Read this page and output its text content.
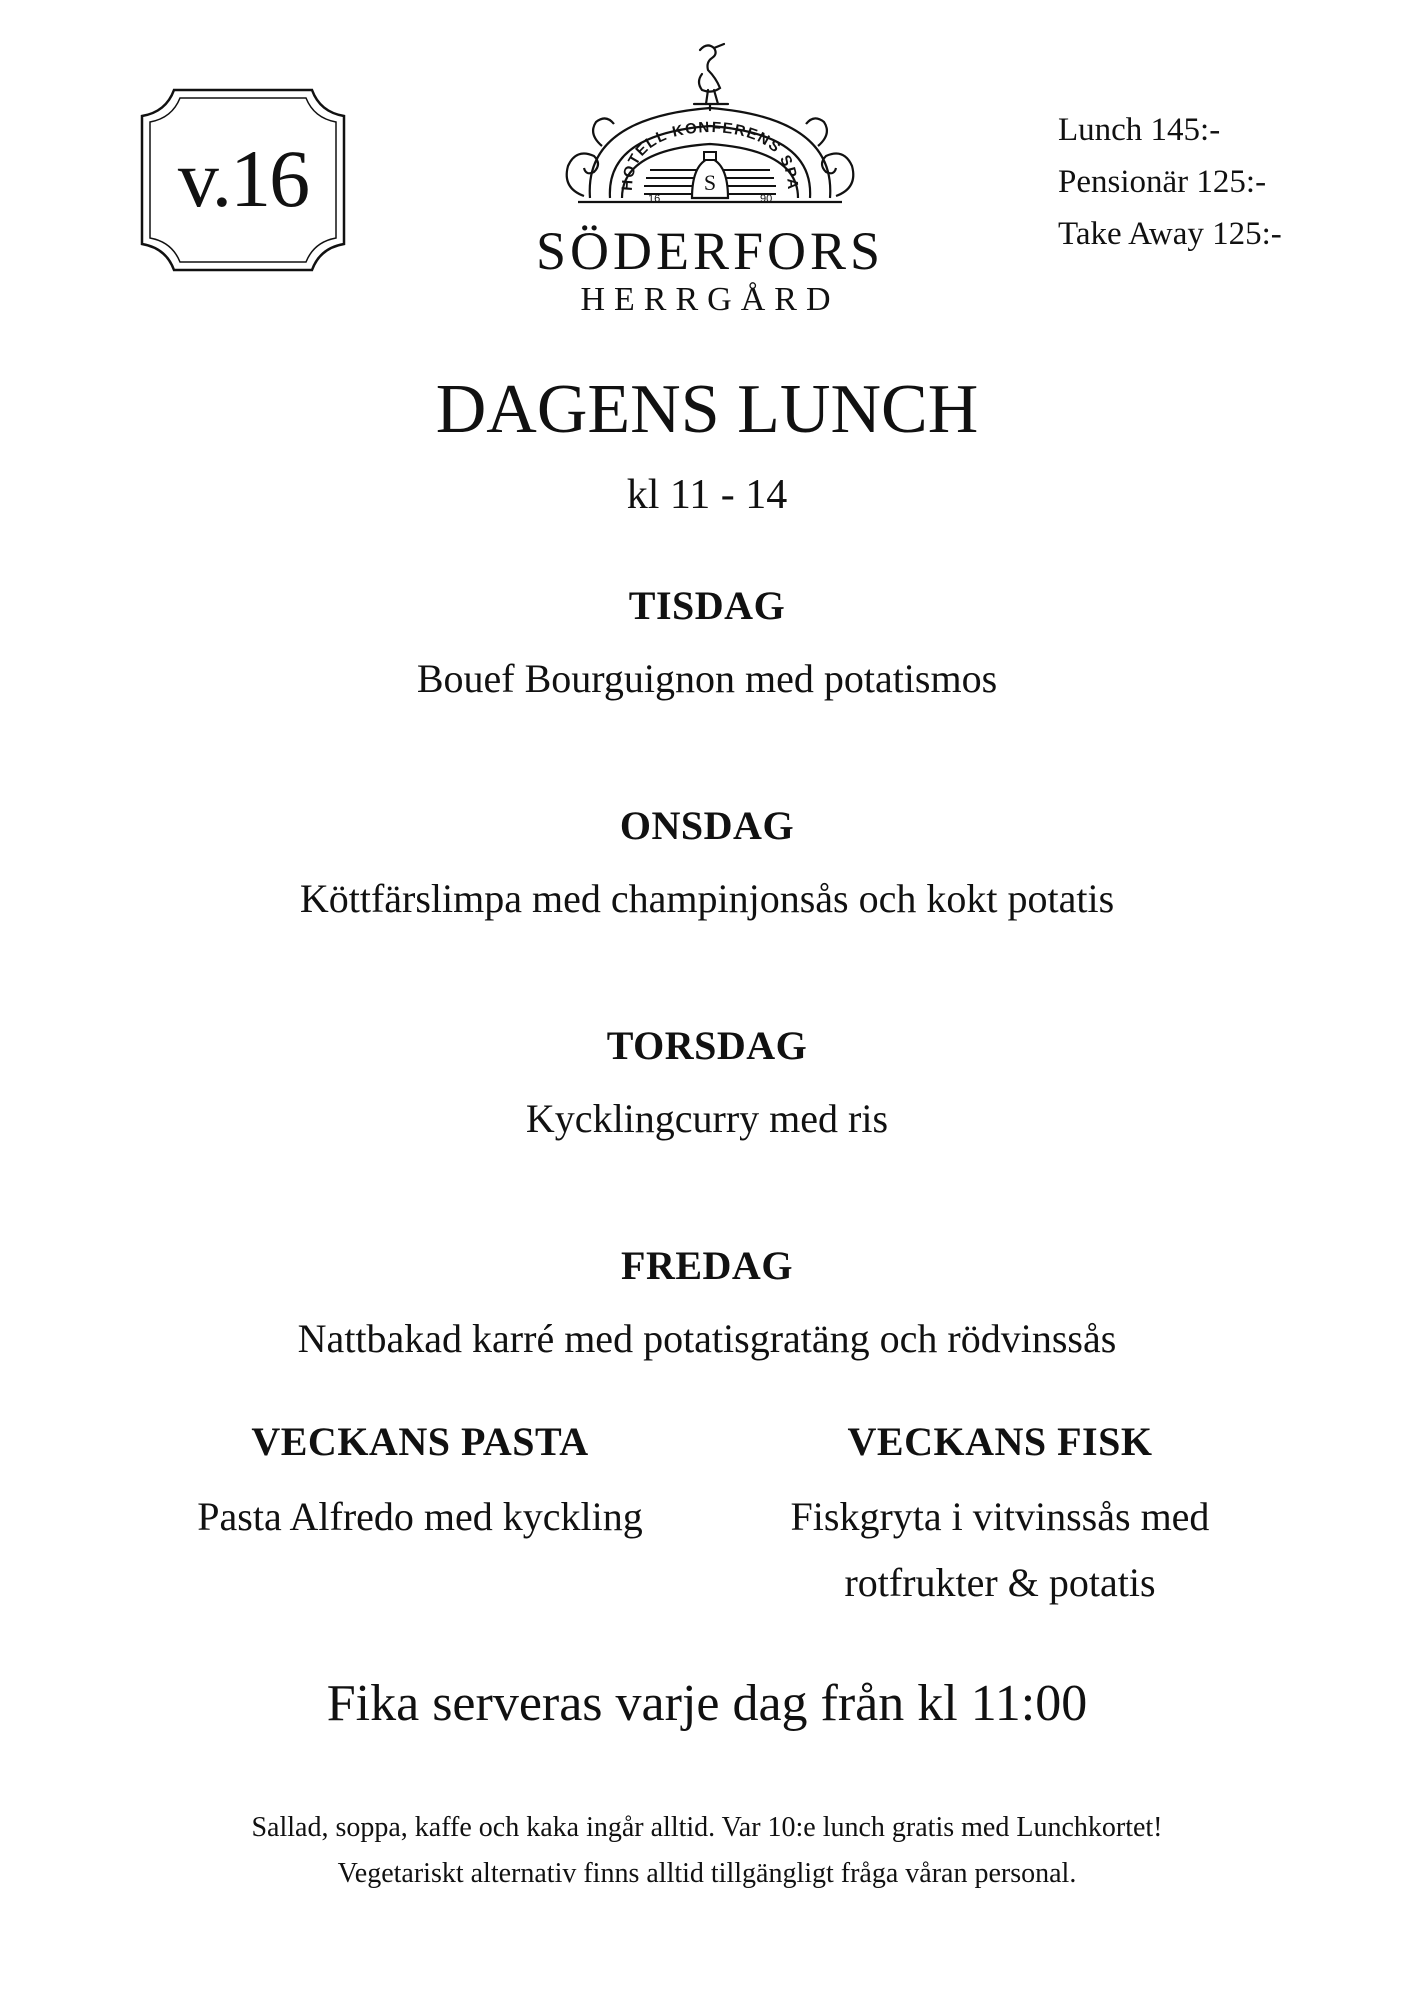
v.16	HOTELL KONFERENS SPA
S
16	90
SÖDERFORS
HERRGÅRD
Lunch 145:-
Pensionär 125:-
Take Away 125:-
DAGENS LUNCH
kl 11 - 14
TISDAG
Bouef Bourguignon med potatismos
ONSDAG
Köttfärslimpa med champinjonsås och kokt potatis
TORSDAG
Kycklingcurry med ris
FREDAG
Nattbakad karré med potatisgratäng och rödvinssås
VECKANS PASTA
Pasta Alfredo med kyckling
VECKANS FISK
Fiskgryta i vitvinssås med
rotfrukter & potatis
Fika serveras varje dag från kl 11:00
Sallad, soppa, kaffe och kaka ingår alltid. Var 10:e lunch gratis med Lunchkortet!
Vegetariskt alternativ finns alltid tillgängligt fråga våran personal.
